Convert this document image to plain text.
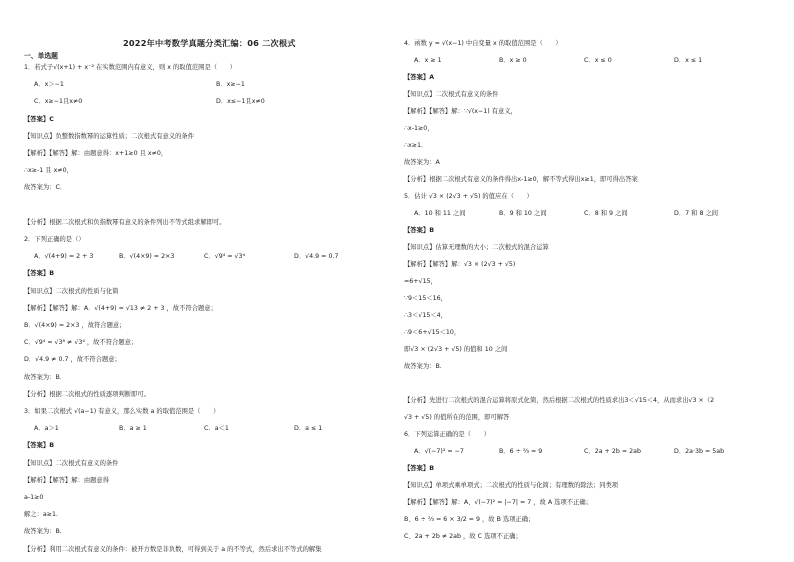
2022年中考数学真题分类汇编：06 二次根式
一、单选题
1．若式子√(x+1) + x⁻² 在实数范围内有意义，则 x 的取值范围是（　　）
A．x＞−1	B．x≥−1
C．x≥−1且x≠0	D．x≤−1且x≠0
【答案】C
【知识点】负整数指数幂的运算性质；二次根式有意义的条件
【解析】【解答】解：由题意得：x+1≥0 且 x≠0，
∴x≥-1 且 x≠0，
故答案为：C．
【分析】根据二次根式和负指数幂有意义的条件列出不等式组求解即可。
2．下列正确的是（）
A．√(4+9) = 2 + 3	B．√(4×9) = 2×3	C．√9⁴ = √3⁴	D．√4.9 = 0.7
【答案】B
【知识点】二次根式的性质与化简
【解析】【解答】解：A．√(4+9) = √13 ≠ 2 + 3 ，故不符合题意；
B．√(4×9) = 2×3 ，故符合题意；
C．√9⁴ = √3⁸ ≠ √3⁴ ，故不符合题意；
D．√4.9 ≠ 0.7 ，故不符合题意；
故答案为：B．
【分析】根据二次根式的性质逐项判断即可。
3．如果二次根式 √(a−1) 有意义，那么实数 a 的取值范围是（　　）
A．a＞1	B．a ≥ 1	C．a＜1	D．a ≤ 1
【答案】B
【知识点】二次根式有意义的条件
【解析】【解答】解：由题意得
a-1≥0
解之：a≥1.
故答案为：B.
【分析】利用二次根式有意义的条件：被开方数是非负数，可得到关于 a 的不等式，然后求出不等式的解集
4．函数 y = √(x−1) 中自变量 x 的取值范围是（　　）
A．x ≥ 1	B．x ≥ 0	C．x ≤ 0	D．x ≤ 1
【答案】A
【知识点】二次根式有意义的条件
【解析】【解答】解：∵√(x−1) 有意义，
∴x-1≥0，
∴x≥1.
故答案为：A
【分析】根据二次根式有意义的条件得出x-1≥0，解不等式得出x≥1，即可得出答案
5．估计 √3 × (2√3 + √5) 的值应在（　　）
A．10 和 11 之间	B．9 和 10 之间	C．8 和 9 之间	D．7 和 8 之间
【答案】B
【知识点】估算无理数的大小；二次根式的混合运算
【解析】【解答】解：√3 × (2√3 + √5)
=6+√15，
∵9＜15＜16，
∴3＜√15＜4，
∴9＜6+√15＜10，
即√3 × (2√3 + √5) 的值和 10 之间
故答案为：B.
【分析】先进行二次根式的混合运算将原式化简，然后根据二次根式的性质求出3＜√15＜4，从而求出√3 ×（2
√3 + √5) 的值所在的范围，即可解答
6．下列运算正确的是（　　）
A．√(−7)² = −7	B．6 ÷ ⅔ = 9	C．2a + 2b = 2ab	D．2a·3b = 5ab
【答案】B
【知识点】单项式乘单项式；二次根式的性质与化简；有理数的除法；同类项
【解析】【解答】解：A、√(−7)² = |−7| = 7 ，故 A 选项不正确；
B、6 ÷ ⅔ = 6 × 3/2 = 9 ，故 B 选项正确；
C、2a + 2b ≠ 2ab ，故 C 选项不正确；
